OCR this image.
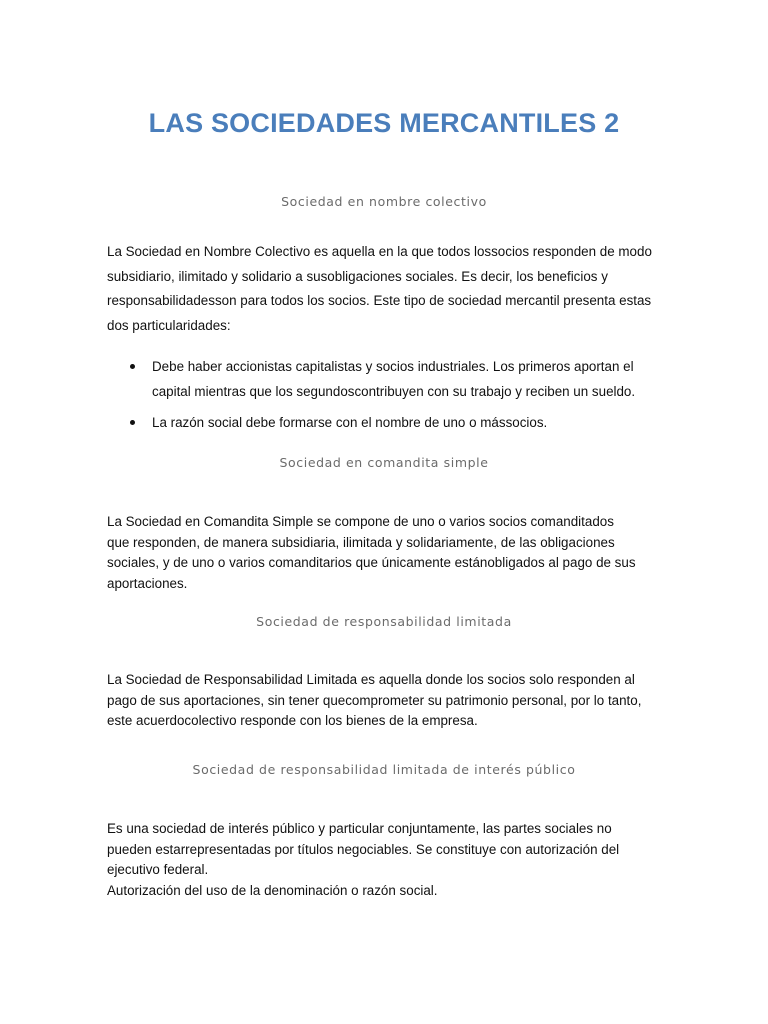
LAS SOCIEDADES MERCANTILES 2
Sociedad en nombre colectivo
La Sociedad en Nombre Colectivo es aquella en la que todos lossocios responden de modo
subsidiario, ilimitado y solidario a susobligaciones sociales. Es decir, los beneficios y
responsabilidadesson para todos los socios. Este tipo de sociedad mercantil presenta estas
dos particularidades:
Debe haber accionistas capitalistas y socios industriales. Los primeros aportan el
capital mientras que los segundoscontribuyen con su trabajo y reciben un sueldo.
La razón social debe formarse con el nombre de uno o mássocios.
Sociedad en comandita simple
La Sociedad en Comandita Simple se compone de uno o varios socios comanditados
que responden, de manera subsidiaria, ilimitada y solidariamente, de las obligaciones
sociales, y de uno o varios comanditarios que únicamente estánobligados al pago de sus
aportaciones.
Sociedad de responsabilidad limitada
La Sociedad de Responsabilidad Limitada es aquella donde los socios solo responden al
pago de sus aportaciones, sin tener quecomprometer su patrimonio personal, por lo tanto,
este acuerdocolectivo responde con los bienes de la empresa.
Sociedad de responsabilidad limitada de interés público
Es una sociedad de interés público y particular conjuntamente, las partes sociales no
pueden estarrepresentadas por títulos negociables. Se constituye con autorización del
ejecutivo federal.
Autorización del uso de la denominación o razón social.
